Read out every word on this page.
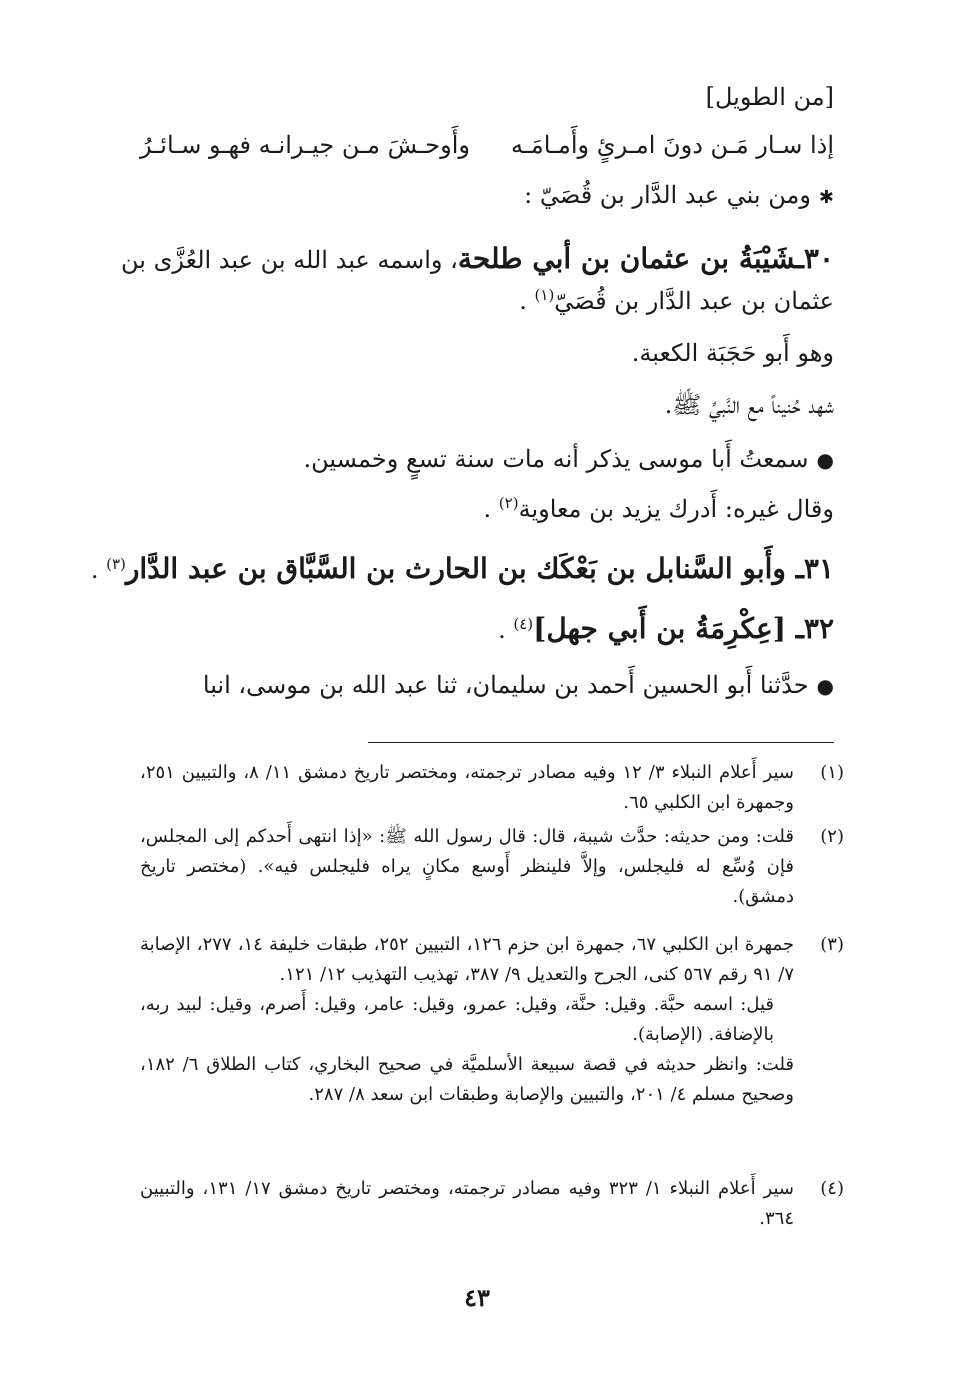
[من الطويل]
إذا سـار مَـن دونَ امـرئٍ وأَمـامَـه
وأَوحـشَ مـن جيـرانـه فهـو سـائـرُ
✱ ومن بني عبد الدَّار بن قُصَيّ :
٣٠ـشَيْبَةُ بن عثمان بن أبي طلحة، واسمه عبد الله بن عبد العُزَّى بن
عثمان بن عبد الدَّار بن قُصَيّ$^{(١)}$ .
وهو أَبو حَجَبَة الكعبة.
شهد حُنيناً مع النَّبيِّ ﷺ.
● سمعتُ أَبا موسى يذكر أنه مات سنة تسعٍ وخمسين.
وقال غيره: أَدرك يزيد بن معاوية$^{(٢)}$ .
٣١ـ وأَبو السَّنابل بن بَعْكَك بن الحارث بن السَّبَّاق بن عبد الدَّار$^{(٣)}$ .
٣٢ـ [عِكْرِمَةُ بن أَبي جهل]$^{(٤)}$ .
● حدَّثنا أَبو الحسين أَحمد بن سليمان، ثنا عبد الله بن موسى، انبا
(١)
سير أَعلام النبلاء ٣/ ١٢ وفيه مصادر ترجمته، ومختصر تاريخ دمشق ١١/ ٨، والتبيين ٢٥١، وجمهرة ابن الكلبي ٦٥.
(٢)
قلت: ومن حديثه: حدَّث شيبة، قال: قال رسول الله ﷺ: «إذا انتهى أَحدكم إلى المجلس، فإن وُسِّع له فليجلس، وإلاَّ فلينظر أَوسع مكانٍ يراه فليجلس فيه». (مختصر تاريخ دمشق).
(٣)
جمهرة ابن الكلبي ٦٧، جمهرة ابن حزم ١٢٦، التبيين ٢٥٢، طبقات خليفة ١٤، ٢٧٧، الإصابة ٧/ ٩١ رقم ٥٦٧ كنى، الجرح والتعديل ٩/ ٣٨٧، تهذيب التهذيب ١٢/ ١٢١.
قيل: اسمه حبَّة. وقيل: حنَّة، وقيل: عمرو، وقيل: عامر، وقيل: أَصرم، وقيل: لبيد ربه، بالإضافة. (الإصابة).
قلت: وانظر حديثه في قصة سبيعة الأسلميَّة في صحيح البخاري، كتاب الطلاق ٦/ ١٨٢، وصحيح مسلم ٤/ ٢٠١، والتبيين والإصابة وطبقات ابن سعد ٨/ ٢٨٧.
(٤)
سير أَعلام النبلاء ١/ ٣٢٣ وفيه مصادر ترجمته، ومختصر تاريخ دمشق ١٧/ ١٣١، والتبيين ٣٦٤.
٤٣
